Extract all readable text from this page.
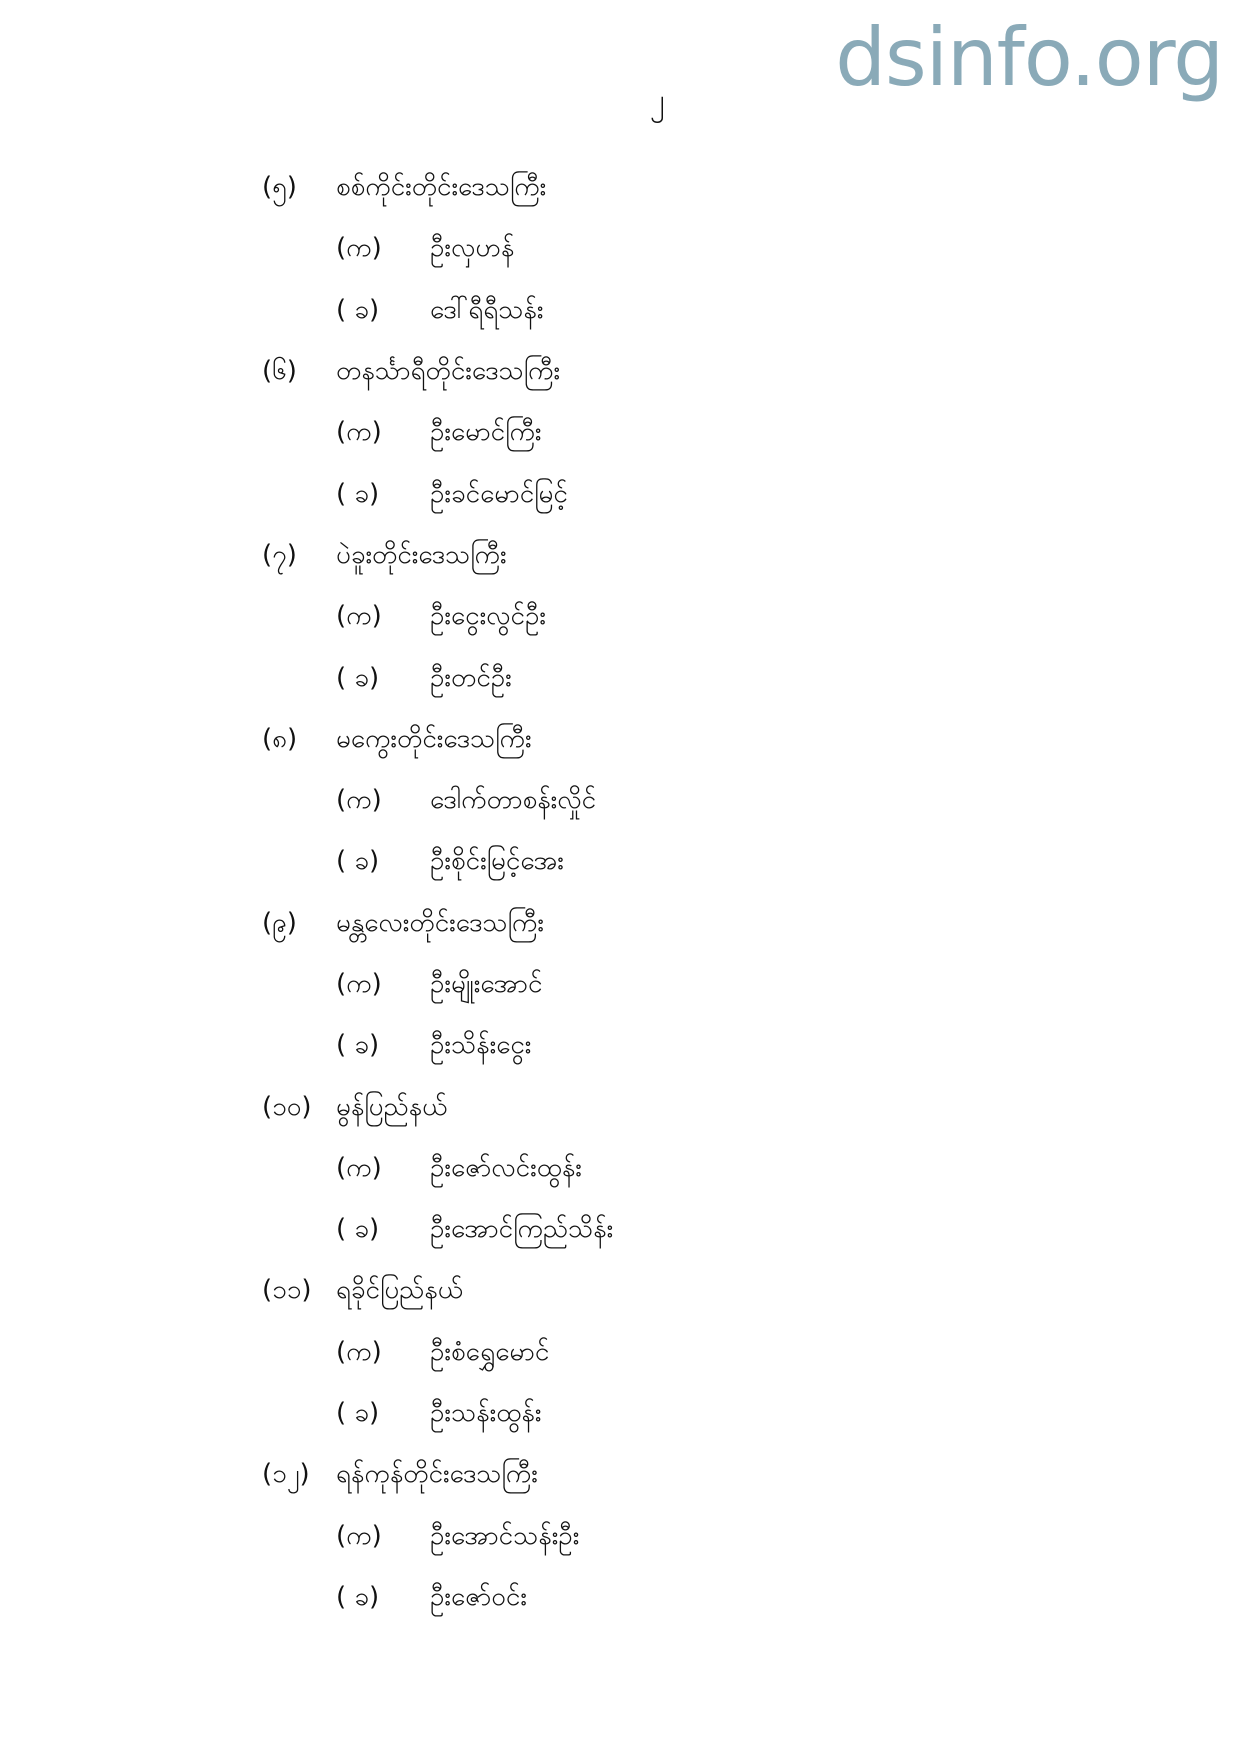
dsinfo.org
၂
(၅)	စစ်ကိုင်းတိုင်းဒေသကြီး
(က)	ဦးလှဟန်
( ခ)	ဒေါ်ရီရီသန်း
(၆)	တနင်္သာရီတိုင်းဒေသကြီး
(က)	ဦးမောင်ကြီး
( ခ)	ဦးခင်မောင်မြင့်
(၇)	ပဲခူးတိုင်းဒေသကြီး
(က)	ဦးငွေးလွင်ဦး
( ခ)	ဦးတင်ဦး
(၈)	မကွေးတိုင်းဒေသကြီး
(က)	ဒေါက်တာစန်းလှိုင်
( ခ)	ဦးစိုင်းမြင့်အေး
(၉)	မန္တလေးတိုင်းဒေသကြီး
(က)	ဦးမျိုးအောင်
( ခ)	ဦးသိန်းငွေး
(၁၀) မွန်ပြည်နယ်
(က)	ဦးဇော်လင်းထွန်း
( ခ)	ဦးအောင်ကြည်သိန်း
(၁၁) ရခိုင်ပြည်နယ်
(က)	ဦးစံရွှေမောင်
( ခ)	ဦးသန်းထွန်း
(၁၂)	ရန်ကုန်တိုင်းဒေသကြီး
(က)	ဦးအောင်သန်းဦး
( ခ)	ဦးဇော်ဝင်း
